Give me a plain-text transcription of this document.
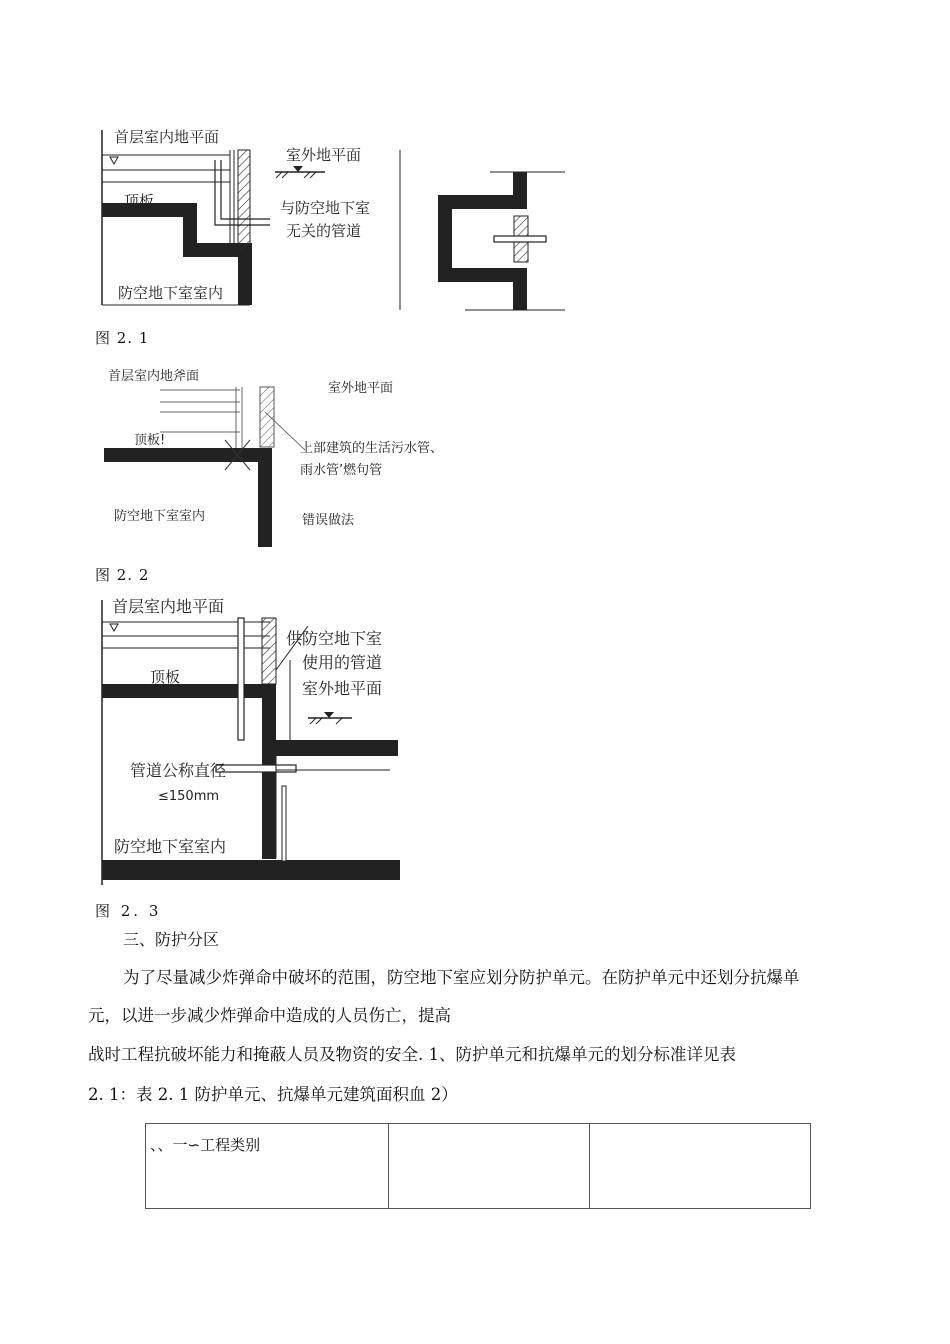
首层室内地平面
室外地平面
顶板	与防空地下室
无关的管道
防空地下室室内
图 2. 1
首层室内地斧面
室外地平面
顶板!
上部建筑的生活污水管、
雨水管’燃句管
防空地下室室内	错误做法
图 2. 2
首层室内地平面
供防空地下室
使用的管道
顶板
室外地平面
管道公称直径
≤150mm
防空地下室室内
图 2. 3
三、防护分区
为了尽量减少炸弹命中破坏的范围，防空地下室应划分防护单元。在防护单元中还划分抗爆单
元，以进一步减少炸弹命中造成的人员伤亡，提高
战时工程抗破坏能力和掩蔽人员及物资的安全. 1、防护单元和抗爆单元的划分标准详见表
2. 1：表 2. 1 防护单元、抗爆单元建筑面积血 2）
、、一∽工程类别		
